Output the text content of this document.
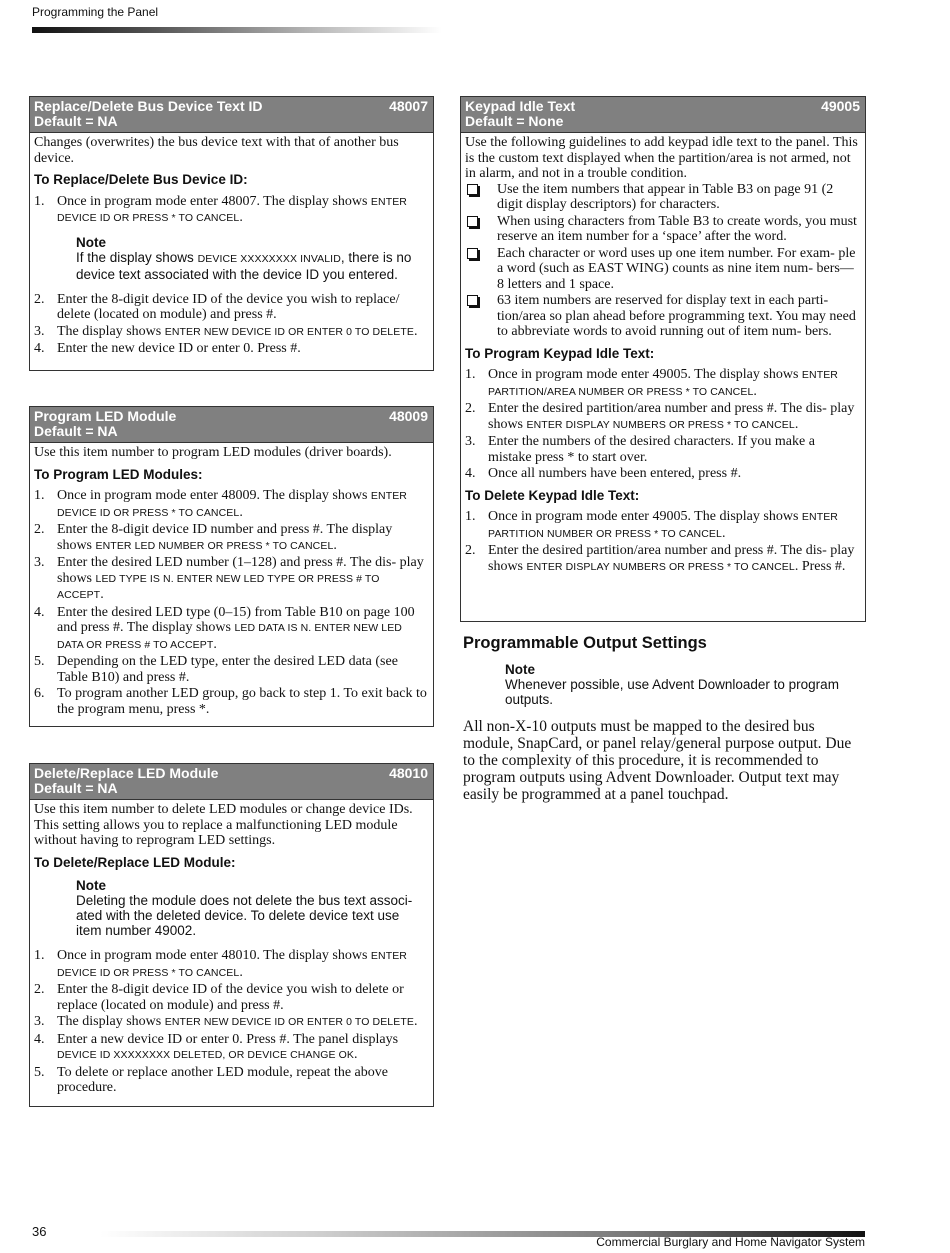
Programming the Panel
Replace/Delete Bus Device Text ID	48007
Default = NA

Changes (overwrites) the bus device text with that of another bus device.

To Replace/Delete Bus Device ID:
1. Once in program mode enter 48007. The display shows ENTER DEVICE ID OR PRESS * TO CANCEL.
Note
If the display shows DEVICE XXXXXXXX INVALID, there is no device text associated with the device ID you entered.
2. Enter the 8-digit device ID of the device you wish to replace/ delete (located on module) and press #.
3. The display shows ENTER NEW DEVICE ID OR ENTER 0 TO DELETE.
4. Enter the new device ID or enter 0. Press #.
Program LED Module	48009
Default = NA

Use this item number to program LED modules (driver boards).

To Program LED Modules:
1. Once in program mode enter 48009. The display shows ENTER DEVICE ID OR PRESS * TO CANCEL.
2. Enter the 8-digit device ID number and press #. The display shows ENTER LED NUMBER OR PRESS * TO CANCEL.
3. Enter the desired LED number (1–128) and press #. The dis- play shows LED TYPE IS N. ENTER NEW LED TYPE OR PRESS # TO ACCEPT.
4. Enter the desired LED type (0–15) from Table B10 on page 100 and press #. The display shows LED DATA IS N. ENTER NEW LED DATA OR PRESS # TO ACCEPT.
5. Depending on the LED type, enter the desired LED data (see Table B10) and press #.
6. To program another LED group, go back to step 1. To exit back to the program menu, press *.
Delete/Replace LED Module	48010
Default = NA

Use this item number to delete LED modules or change device IDs. This setting allows you to replace a malfunctioning LED module without having to reprogram LED settings.

To Delete/Replace LED Module:
Note
Deleting the module does not delete the bus text associ- ated with the deleted device. To delete device text use item number 49002.
1. Once in program mode enter 48010. The display shows ENTER DEVICE ID OR PRESS * TO CANCEL.
2. Enter the 8-digit device ID of the device you wish to delete or replace (located on module) and press #.
3. The display shows ENTER NEW DEVICE ID OR ENTER 0 TO DELETE.
4. Enter a new device ID or enter 0. Press #. The panel displays DEVICE ID XXXXXXXX DELETED, OR DEVICE CHANGE OK.
5. To delete or replace another LED module, repeat the above procedure.
Keypad Idle Text	49005
Default = None

Use the following guidelines to add keypad idle text to the panel. This is the custom text displayed when the partition/area is not armed, not in alarm, and not in a trouble condition.

Use the item numbers that appear in Table B3 on page 91 (2 digit display descriptors) for characters.
When using characters from Table B3 to create words, you must reserve an item number for a ‘space’ after the word.
Each character or word uses up one item number. For exam- ple a word (such as EAST WING) counts as nine item num- bers—8 letters and 1 space.
63 item numbers are reserved for display text in each parti- tion/area so plan ahead before programming text. You may need to abbreviate words to avoid running out of item num- bers.
To Program Keypad Idle Text:
1. Once in program mode enter 49005. The display shows ENTER PARTITION/AREA NUMBER OR PRESS * TO CANCEL.
2. Enter the desired partition/area number and press #. The dis- play shows ENTER DISPLAY NUMBERS OR PRESS * TO CANCEL.
3. Enter the numbers of the desired characters. If you make a mistake press * to start over.
4. Once all numbers have been entered, press #.
To Delete Keypad Idle Text:
1. Once in program mode enter 49005. The display shows ENTER PARTITION NUMBER OR PRESS * TO CANCEL.
2. Enter the desired partition/area number and press #. The dis- play shows ENTER DISPLAY NUMBERS OR PRESS * TO CANCEL. Press #.
Programmable Output Settings
Note
Whenever possible, use Advent Downloader to program outputs.
All non-X-10 outputs must be mapped to the desired bus module, SnapCard, or panel relay/general purpose output. Due to the complexity of this procedure, it is recommended to program outputs using Advent Downloader. Output text may easily be programmed at a panel touchpad.
36
Commercial Burglary and Home Navigator System
